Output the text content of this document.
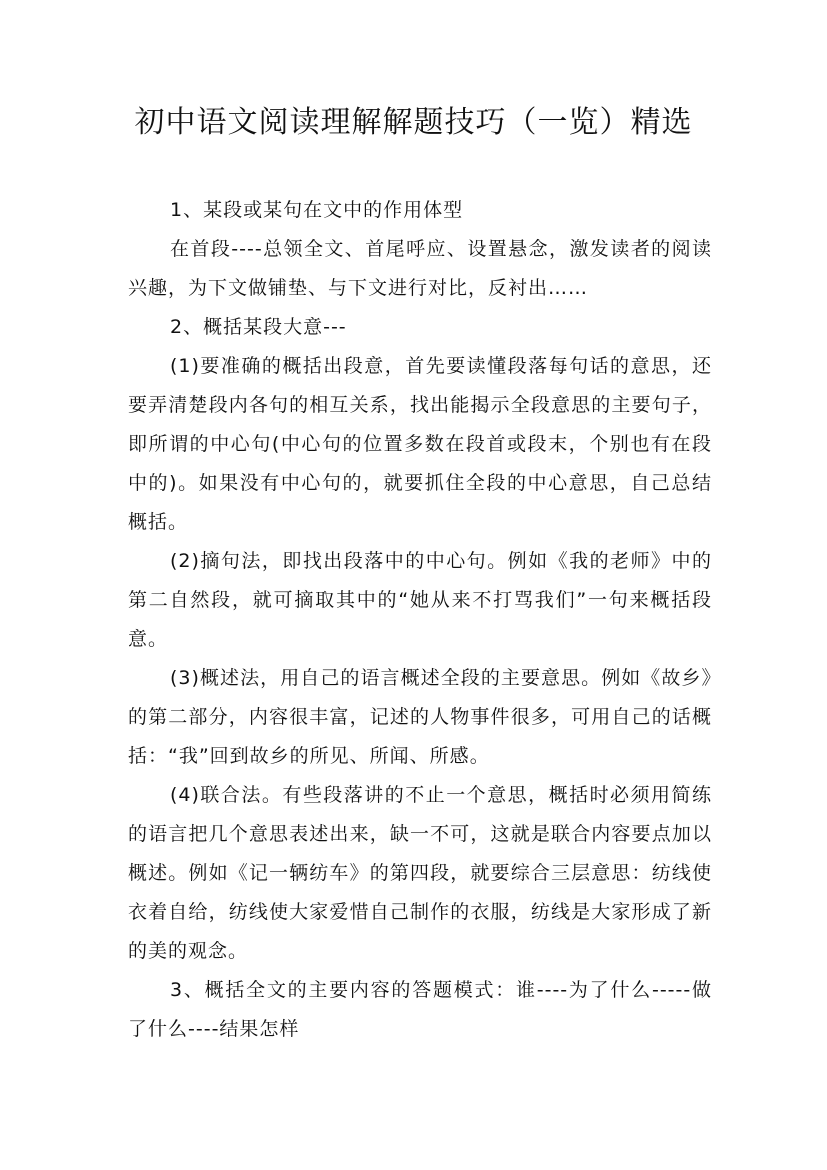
初中语文阅读理解解题技巧（一览）精选

1、某段或某句在文中的作用体型

在首段----总领全文、首尾呼应、设置悬念，激发读者的阅读兴趣，为下文做铺垫、与下文进行对比，反衬出……

2、概括某段大意---

(1)要准确的概括出段意，首先要读懂段落每句话的意思，还要弄清楚段内各句的相互关系，找出能揭示全段意思的主要句子，即所谓的中心句(中心句的位置多数在段首或段末，个别也有在段中的)。如果没有中心句的，就要抓住全段的中心意思，自己总结概括。

(2)摘句法，即找出段落中的中心句。例如《我的老师》中的第二自然段，就可摘取其中的“她从来不打骂我们”一句来概括段意。

(3)概述法，用自己的语言概述全段的主要意思。例如《故乡》的第二部分，内容很丰富，记述的人物事件很多，可用自己的话概括：“我”回到故乡的所见、所闻、所感。

(4)联合法。有些段落讲的不止一个意思，概括时必须用简练的语言把几个意思表述出来，缺一不可，这就是联合内容要点加以概述。例如《记一辆纺车》的第四段，就要综合三层意思：纺线使衣着自给，纺线使大家爱惜自己制作的衣服，纺线是大家形成了新的美的观念。

3、概括全文的主要内容的答题模式：谁----为了什么-----做了什么----结果怎样
